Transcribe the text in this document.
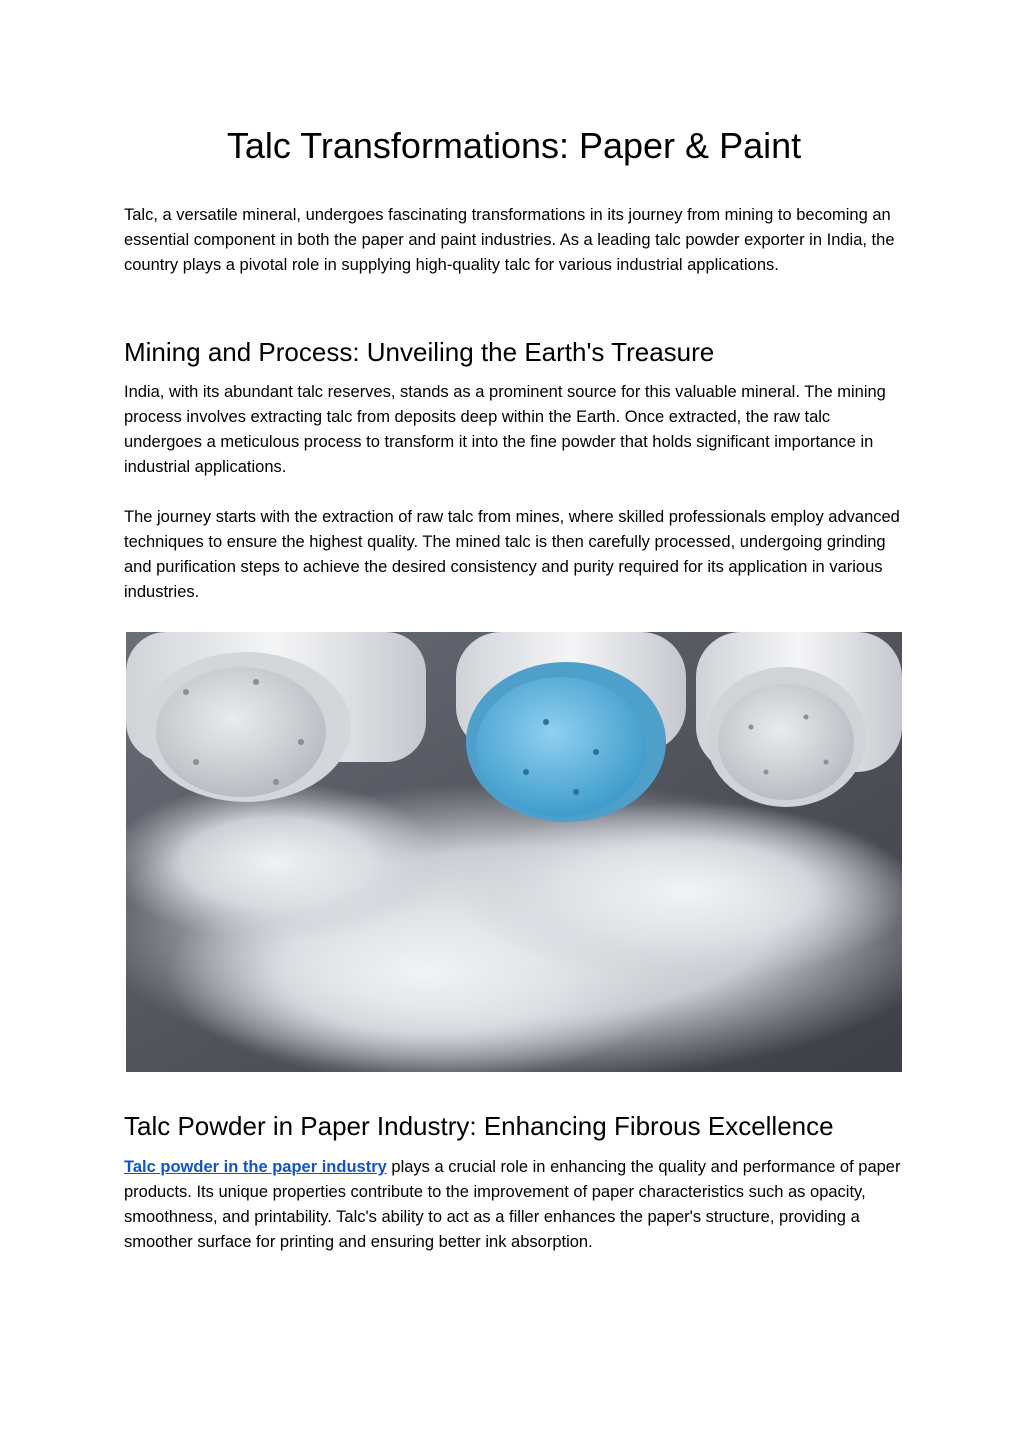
Talc Transformations: Paper & Paint

Talc, a versatile mineral, undergoes fascinating transformations in its journey from mining to becoming an essential component in both the paper and paint industries. As a leading talc powder exporter in India, the country plays a pivotal role in supplying high-quality talc for various industrial applications.

Mining and Process: Unveiling the Earth's Treasure

India, with its abundant talc reserves, stands as a prominent source for this valuable mineral. The mining process involves extracting talc from deposits deep within the Earth. Once extracted, the raw talc undergoes a meticulous process to transform it into the fine powder that holds significant importance in industrial applications.

The journey starts with the extraction of raw talc from mines, where skilled professionals employ advanced techniques to ensure the highest quality. The mined talc is then carefully processed, undergoing grinding and purification steps to achieve the desired consistency and purity required for its application in various industries.

Talc Powder in Paper Industry: Enhancing Fibrous Excellence

Talc powder in the paper industry plays a crucial role in enhancing the quality and performance of paper products. Its unique properties contribute to the improvement of paper characteristics such as opacity, smoothness, and printability. Talc's ability to act as a filler enhances the paper's structure, providing a smoother surface for printing and ensuring better ink absorption.
